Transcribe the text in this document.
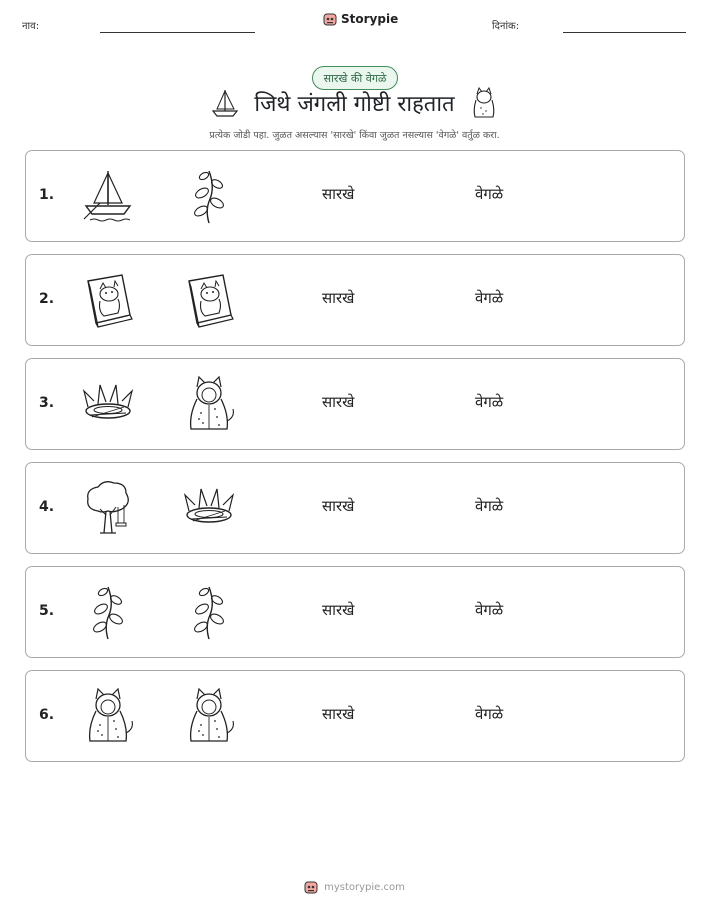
नाव:
Storypie
दिनांक:
सारखे की वेगळे
जिथे जंगली गोष्टी राहतात
प्रत्येक जोडी पहा. जुळत असल्यास 'सारखे' किंवा जुळत नसल्यास 'वेगळे' वर्तुळ करा.
1.	सारखे	वेगळे
2.	सारखे	वेगळे
3.	सारखे	वेगळे
4.	सारखे	वेगळे
5.	सारखे	वेगळे
6.	सारखे	वेगळे
mystorypie.com
